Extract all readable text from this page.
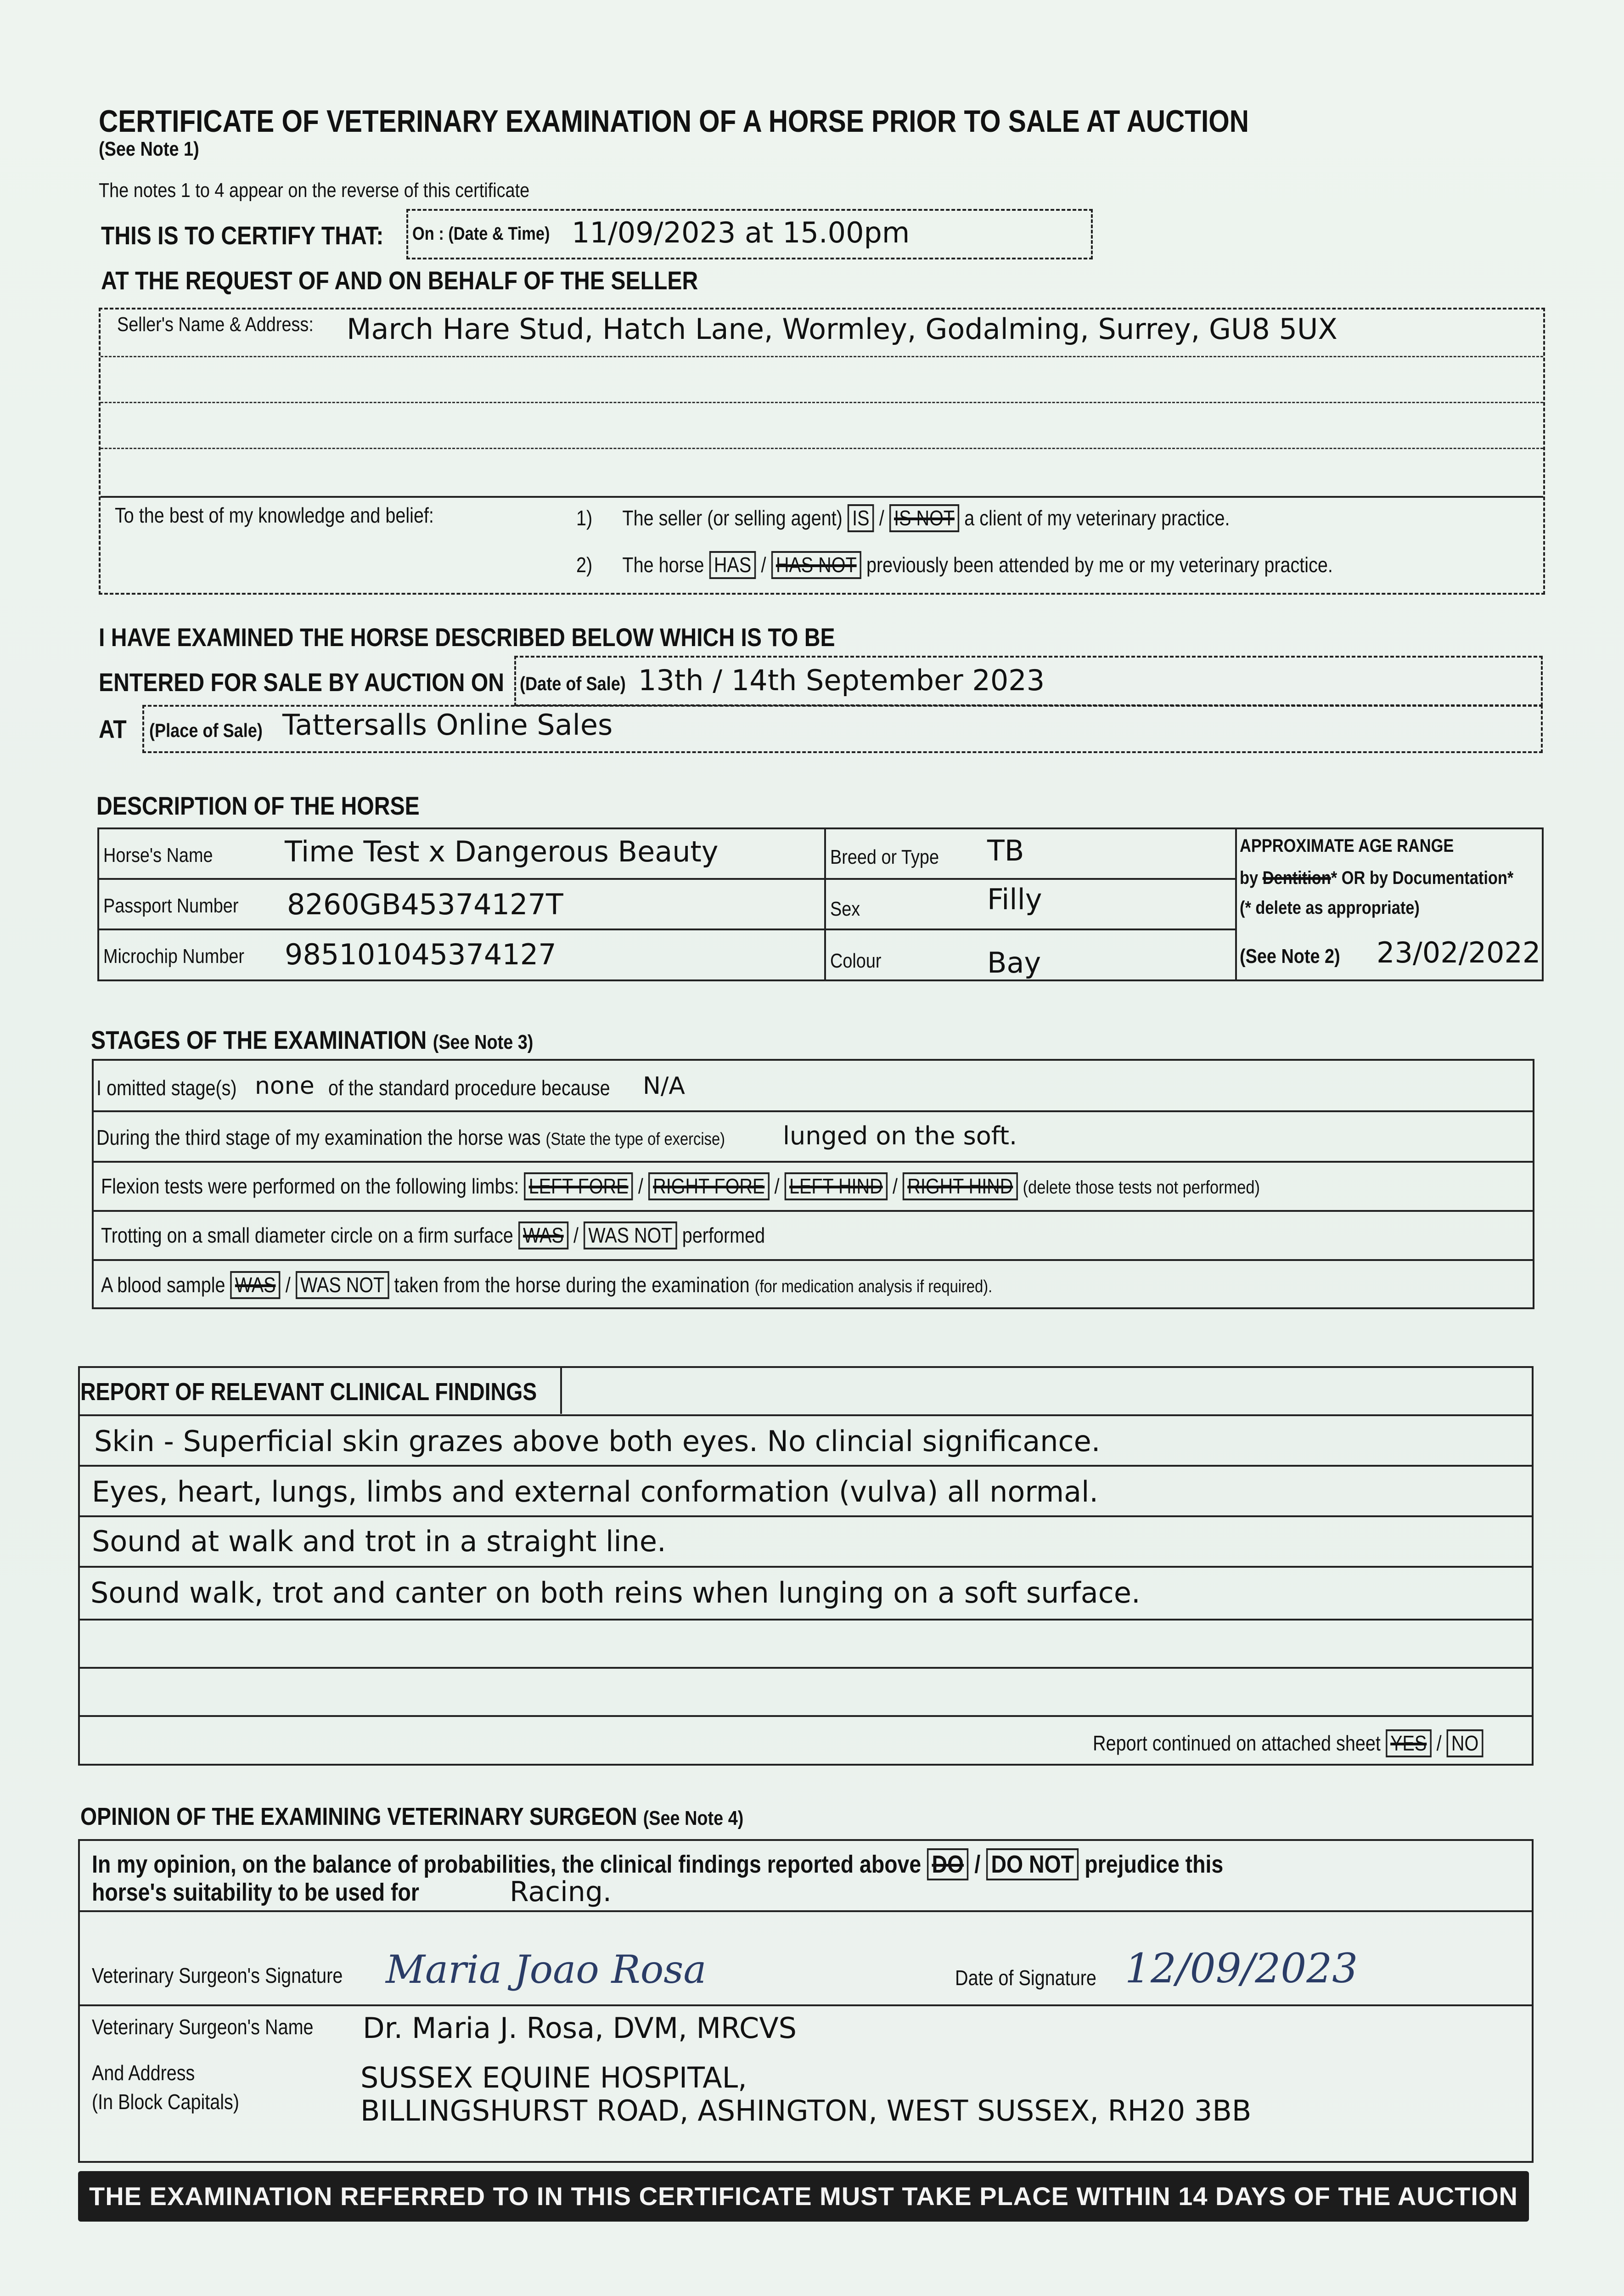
CERTIFICATE OF VETERINARY EXAMINATION OF A HORSE PRIOR TO SALE AT AUCTION
(See Note 1)
The notes 1 to 4 appear on the reverse of this certificate
THIS IS TO CERTIFY THAT: On : (Date & Time) 11/09/2023 at 15.00pm
AT THE REQUEST OF AND ON BEHALF OF THE SELLER
Seller's Name & Address: March Hare Stud, Hatch Lane, Wormley, Godalming, Surrey, GU8 5UX
To the best of my knowledge and belief:	1) The seller (or selling agent) IS / IS NOT a client of my veterinary practice.
2) The horse HAS / HAS NOT previously been attended by me or my veterinary practice.
I HAVE EXAMINED THE HORSE DESCRIBED BELOW WHICH IS TO BE
ENTERED FOR SALE BY AUCTION ON (Date of Sale) 13th / 14th September 2023
AT (Place of Sale) Tattersalls Online Sales
DESCRIPTION OF THE HORSE
Horse's Name	Time Test x Dangerous Beauty
Passport Number 8260GB45374127T
Microchip Number 985101045374127
Breed or Type TB
Sex	Filly
Colour	Bay
APPROXIMATE AGE RANGE
by Dentition* OR by Documentation*
(* delete as appropriate)
(See Note 2) 23/02/2022
STAGES OF THE EXAMINATION (See Note 3)
I omitted stage(s) none of the standard procedure because N/A
During the third stage of my examination the horse was (State the type of exercise) lunged on the soft.
Flexion tests were performed on the following limbs: LEFT FORE / RIGHT FORE / LEFT HIND / RIGHT HIND (delete those tests not performed)
Trotting on a small diameter circle on a firm surface WAS / WAS NOT performed
A blood sample WAS / WAS NOT taken from the horse during the examination (for medication analysis if required).
REPORT OF RELEVANT CLINICAL FINDINGS
Skin - Superficial skin grazes above both eyes. No clincial significance.
Eyes, heart, lungs, limbs and external conformation (vulva) all normal.
Sound at walk and trot in a straight line.
Sound walk, trot and canter on both reins when lunging on a soft surface.
Report continued on attached sheet YES / NO
OPINION OF THE EXAMINING VETERINARY SURGEON (See Note 4)
In my opinion, on the balance of probabilities, the clinical findings reported above DO / DO NOT prejudice this
horse's suitability to be used for	Racing.
Veterinary Surgeon's Signature Maria Joao Rosa	Date of Signature 12/09/2023
Veterinary Surgeon's Name Dr. Maria J. Rosa, DVM, MRCVS
And Address
(In Block Capitals)
SUSSEX EQUINE HOSPITAL,
BILLINGSHURST ROAD, ASHINGTON, WEST SUSSEX, RH20 3BB
THE EXAMINATION REFERRED TO IN THIS CERTIFICATE MUST TAKE PLACE WITHIN 14 DAYS OF THE AUCTION
